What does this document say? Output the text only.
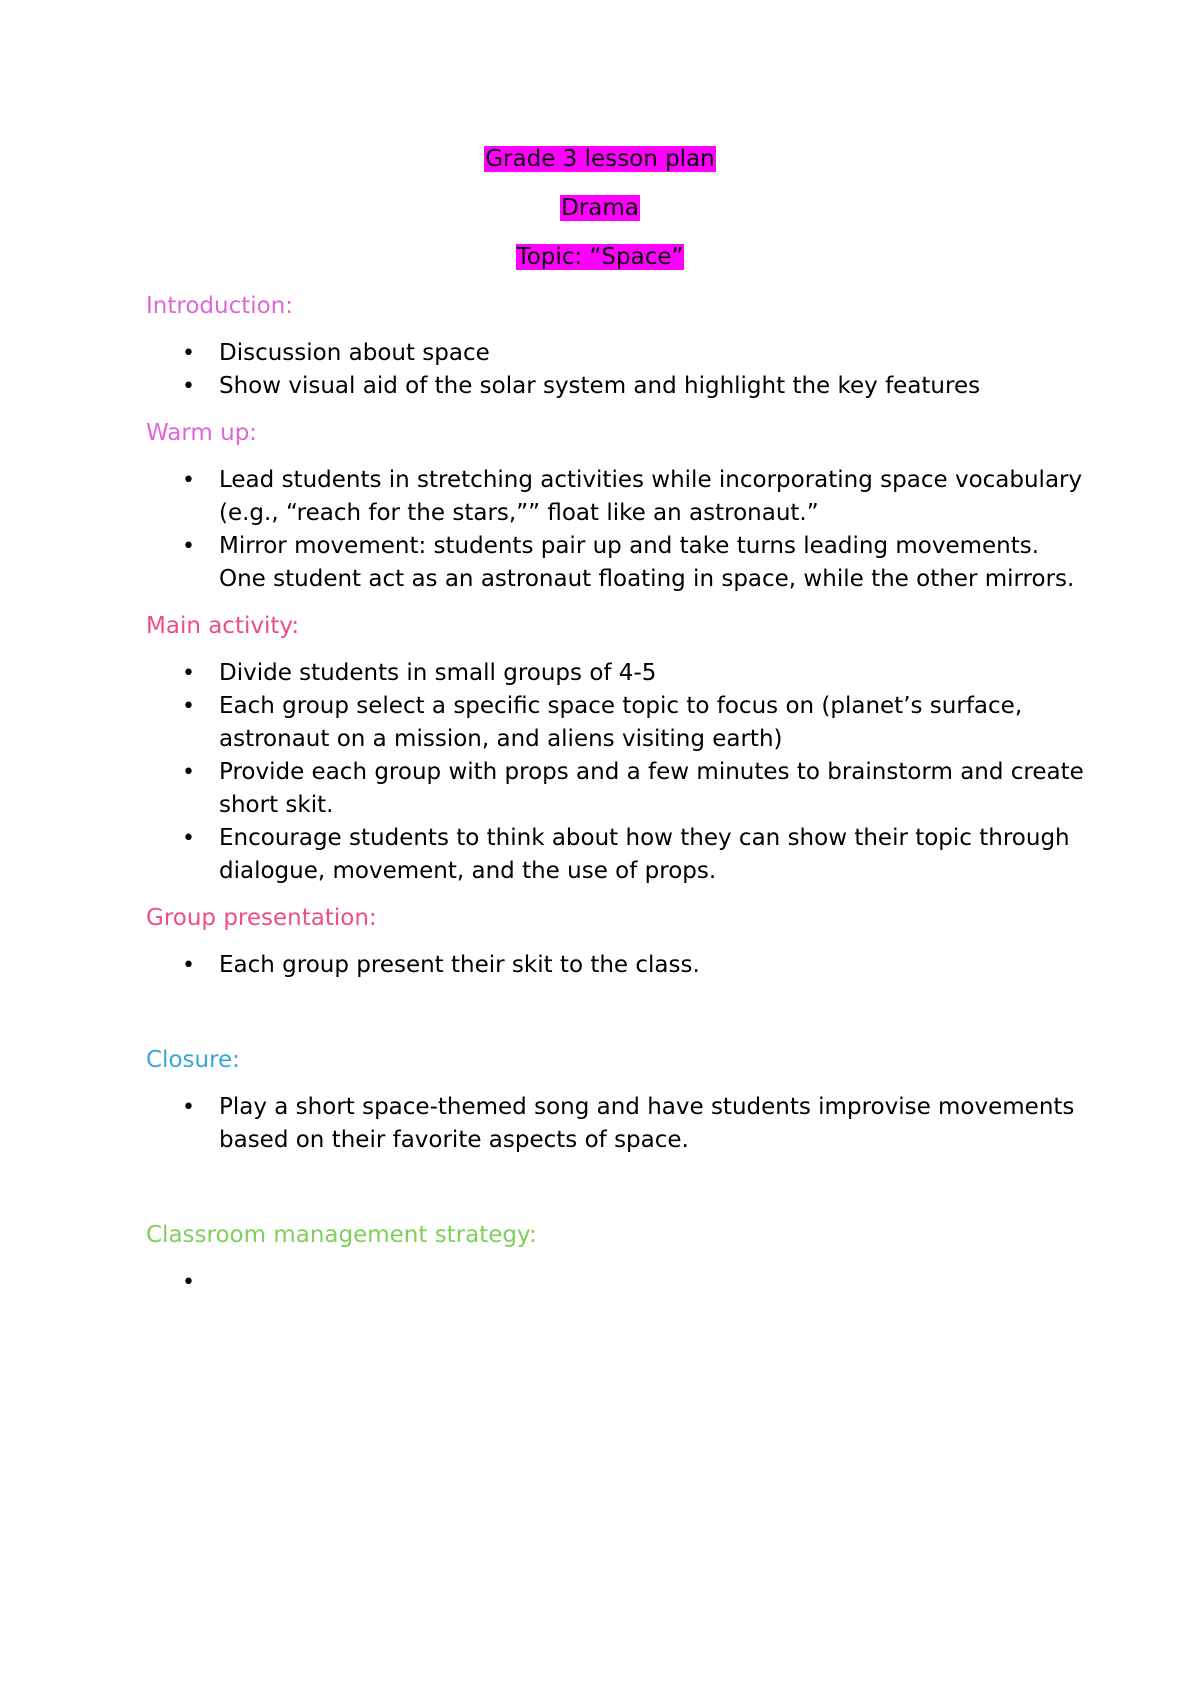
Grade 3 lesson plan
Drama
Topic: “Space”
Introduction:
• Discussion about space
• Show visual aid of the solar system and highlight the key features
Warm up:
• Lead students in stretching activities while incorporating space vocabulary (e.g., “reach for the stars,”” float like an astronaut.”
• Mirror movement: students pair up and take turns leading movements. One student act as an astronaut floating in space, while the other mirrors.
Main activity:
• Divide students in small groups of 4-5
• Each group select a specific space topic to focus on (planet’s surface, astronaut on a mission, and aliens visiting earth)
• Provide each group with props and a few minutes to brainstorm and create short skit.
• Encourage students to think about how they can show their topic through dialogue, movement, and the use of props.
Group presentation:
• Each group present their skit to the class.
Closure:
• Play a short space-themed song and have students improvise movements based on their favorite aspects of space.
Classroom management strategy:
•
